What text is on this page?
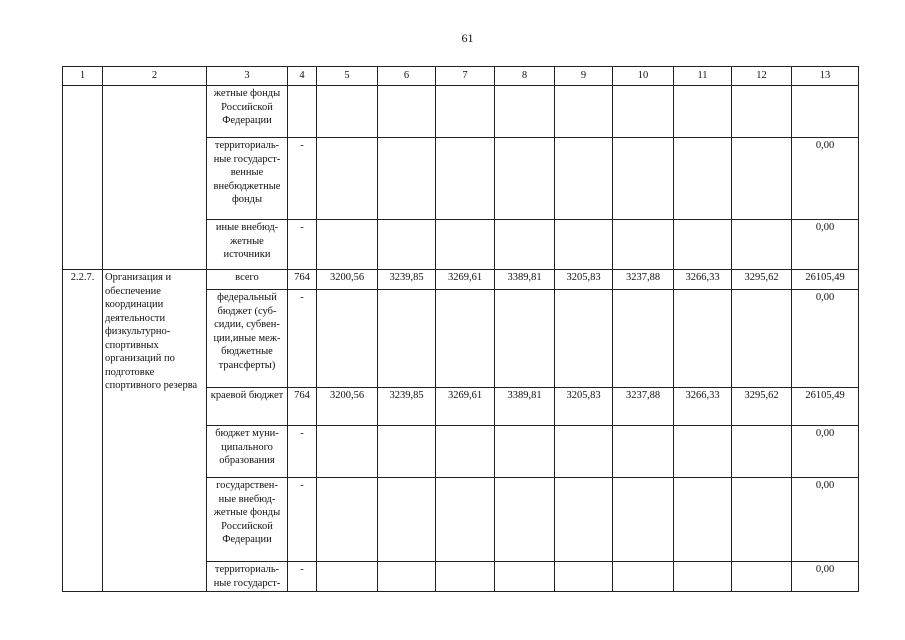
61
1	2	3	4	5	6	7	8	9	10	11	12	13
		жетные фонды Российской Федерации										
		территориаль-ные государст-венные внебюджетные фонды	-									0,00
		иные внебюд-жетные источники	-									0,00
2.2.7.	Организация и обеспечение координации деятельности физкультурно-спортивных организаций по подготовке спортивного резерва	всего	764	3200,56	3239,85	3269,61	3389,81	3205,83	3237,88	3266,33	3295,62	26105,49
		федеральный бюджет (суб-сидии, субвен-ции,иные меж-бюджетные трансферты)	-									0,00
		краевой бюджет	764	3200,56	3239,85	3269,61	3389,81	3205,83	3237,88	3266,33	3295,62	26105,49
		бюджет муни-ципального образования	-									0,00
		государствен-ные внебюд-жетные фонды Российской Федерации	-									0,00
		территориаль-ные государст-	-									0,00
